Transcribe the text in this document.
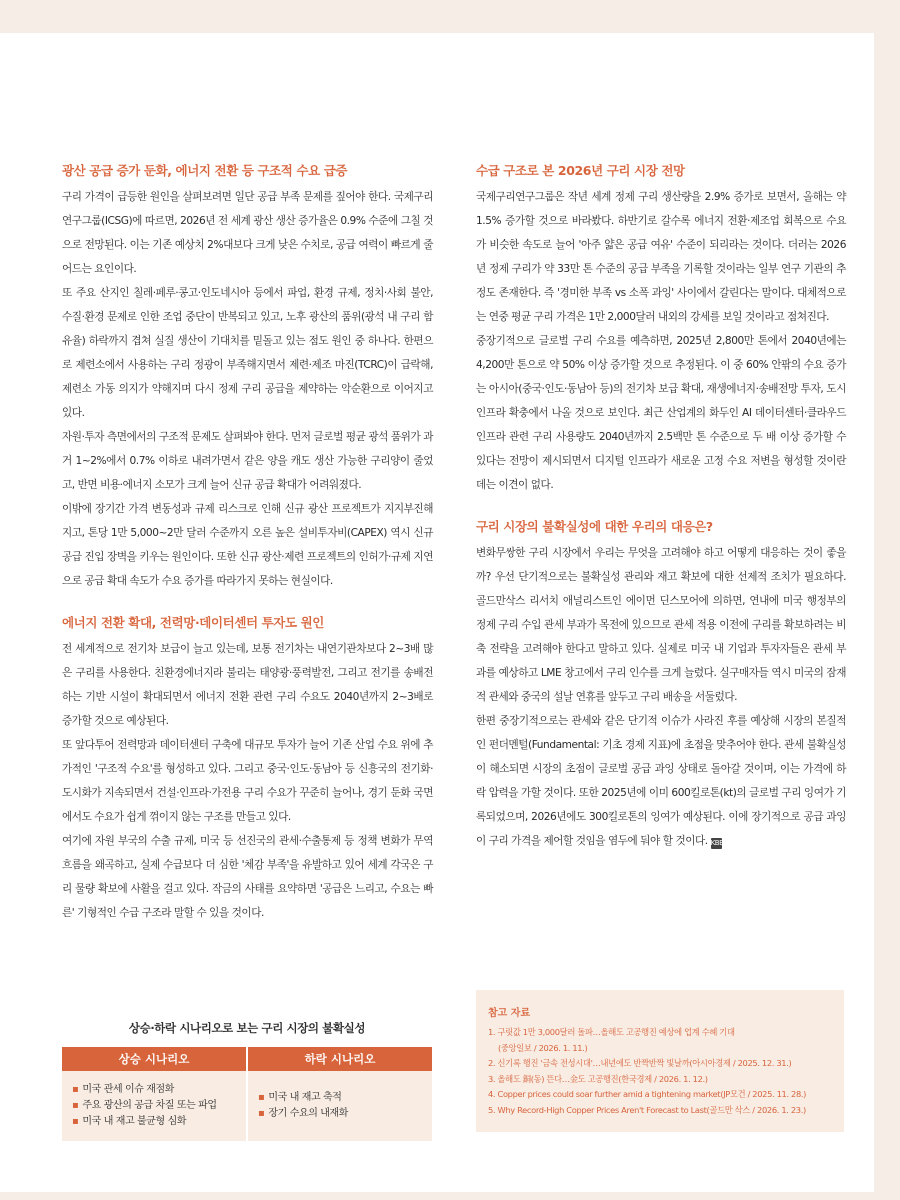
광산 공급 증가 둔화, 에너지 전환 등 구조적 수요 급증

구리 가격이 급등한 원인을 살펴보려면 일단 공급 부족 문제를 짚어야 한다. 국제구리연구그룹(ICSG)에 따르면, 2026년 전 세계 광산 생산 증가율은 0.9% 수준에 그칠 것으로 전망된다. 이는 기존 예상치 2%대보다 크게 낮은 수치로, 공급 여력이 빠르게 줄어드는 요인이다.

또 주요 산지인 칠레·페루·콩고·인도네시아 등에서 파업, 환경 규제, 정치·사회 불안, 수질·환경 문제로 인한 조업 중단이 반복되고 있고, 노후 광산의 품위(광석 내 구리 함유율) 하락까지 겹쳐 실질 생산이 기대치를 밑돌고 있는 점도 원인 중 하나다. 한편으로 제련소에서 사용하는 구리 정광이 부족해지면서 제련·제조 마진(TCRC)이 급락해, 제련소 가동 의지가 약해지며 다시 정제 구리 공급을 제약하는 악순환으로 이어지고 있다.

자원·투자 측면에서의 구조적 문제도 살펴봐야 한다. 먼저 글로벌 평균 광석 품위가 과거 1~2%에서 0.7% 이하로 내려가면서 같은 양을 캐도 생산 가능한 구리양이 줄었고, 반면 비용·에너지 소모가 크게 늘어 신규 공급 확대가 어려워졌다.

이밖에 장기간 가격 변동성과 규제 리스크로 인해 신규 광산 프로젝트가 지지부진해지고, 톤당 1만 5,000~2만 달러 수준까지 오른 높은 설비투자비(CAPEX) 역시 신규 공급 진입 장벽을 키우는 원인이다. 또한 신규 광산·제련 프로젝트의 인허가·규제 지연으로 공급 확대 속도가 수요 증가를 따라가지 못하는 현실이다.

에너지 전환 확대, 전력망·데이터센터 투자도 원인

전 세계적으로 전기차 보급이 늘고 있는데, 보통 전기차는 내연기관차보다 2~3배 많은 구리를 사용한다. 친환경에너지라 불리는 태양광·풍력발전, 그리고 전기를 송배전하는 기반 시설이 확대되면서 에너지 전환 관련 구리 수요도 2040년까지 2~3배로 증가할 것으로 예상된다.

또 앞다투어 전력망과 데이터센터 구축에 대규모 투자가 늘어 기존 산업 수요 위에 추가적인 '구조적 수요'를 형성하고 있다. 그리고 중국·인도·동남아 등 신흥국의 전기화·도시화가 지속되면서 건설·인프라·가전용 구리 수요가 꾸준히 늘어나, 경기 둔화 국면에서도 수요가 쉽게 꺾이지 않는 구조를 만들고 있다.

여기에 자원 부국의 수출 규제, 미국 등 선진국의 관세·수출통제 등 정책 변화가 무역 흐름을 왜곡하고, 실제 수급보다 더 심한 '체감 부족'을 유발하고 있어 세계 각국은 구리 물량 확보에 사활을 걸고 있다. 작금의 사태를 요약하면 '공급은 느리고, 수요는 빠른' 기형적인 수급 구조라 말할 수 있을 것이다.

수급 구조로 본 2026년 구리 시장 전망

국제구리연구그룹은 작년 세계 정제 구리 생산량을 2.9% 증가로 보면서, 올해는 약 1.5% 증가할 것으로 바라봤다. 하반기로 갈수록 에너지 전환·제조업 회복으로 수요가 비슷한 속도로 늘어 '아주 얇은 공급 여유' 수준이 되리라는 것이다. 더러는 2026년 정제 구리가 약 33만 톤 수준의 공급 부족을 기록할 것이라는 일부 연구 기관의 추정도 존재한다. 즉 '경미한 부족 vs 소폭 과잉' 사이에서 갈린다는 말이다. 대체적으로는 연중 평균 구리 가격은 1만 2,000달러 내외의 강세를 보일 것이라고 점쳐진다.

중장기적으로 글로벌 구리 수요를 예측하면, 2025년 2,800만 톤에서 2040년에는 4,200만 톤으로 약 50% 이상 증가할 것으로 추정된다. 이 중 60% 안팎의 수요 증가는 아시아(중국·인도·동남아 등)의 전기차 보급 확대, 재생에너지·송배전망 투자, 도시 인프라 확충에서 나올 것으로 보인다. 최근 산업계의 화두인 AI 데이터센터·클라우드 인프라 관련 구리 사용량도 2040년까지 2.5백만 톤 수준으로 두 배 이상 증가할 수 있다는 전망이 제시되면서 디지털 인프라가 새로운 고정 수요 저변을 형성할 것이란 데는 이견이 없다.

구리 시장의 불확실성에 대한 우리의 대응은?

변화무쌍한 구리 시장에서 우리는 무엇을 고려해야 하고 어떻게 대응하는 것이 좋을까? 우선 단기적으로는 불확실성 관리와 재고 확보에 대한 선제적 조치가 필요하다. 골드만삭스 리서치 애널리스트인 에이먼 딘스모어에 의하면, 연내에 미국 행정부의 정제 구리 수입 관세 부과가 목전에 있으므로 관세 적용 이전에 구리를 확보하려는 비축 전략을 고려해야 한다고 말하고 있다. 실제로 미국 내 기업과 투자자들은 관세 부과를 예상하고 LME 창고에서 구리 인수를 크게 늘렸다. 실구매자들 역시 미국의 잠재적 관세와 중국의 설날 연휴를 앞두고 구리 배송을 서둘렀다.

한편 중장기적으로는 관세와 같은 단기적 이슈가 사라진 후를 예상해 시장의 본질적인 펀더멘털(Fundamental: 기초 경제 지표)에 초점을 맞추어야 한다. 관세 불확실성이 해소되면 시장의 초점이 글로벌 공급 과잉 상태로 돌아갈 것이며, 이는 가격에 하락 압력을 가할 것이다. 또한 2025년에 이미 600킬로톤(kt)의 글로벌 구리 잉여가 기록되었으며, 2026년에도 300킬로톤의 잉여가 예상된다. 이에 장기적으로 공급 과잉이 구리 가격을 제어할 것임을 염두에 둬야 할 것이다. KBB

상승·하락 시나리오로 보는 구리 시장의 불확실성
상승 시나리오
▪ 미국 관세 이슈 재점화
▪ 주요 광산의 공급 차질 또는 파업
▪ 미국 내 재고 불균형 심화
하락 시나리오
▪ 미국 내 재고 축적
▪ 장기 수요의 내재화
참고 자료
1. 구릿값 1만 3,000달러 돌파…올해도 고공행진 예상에 업계 수혜 기대
(중앙일보 / 2026. 1. 11.)
2. 신기록 행진 '금속 전성시대'…내년에도 반짝반짝 빛날까(아시아경제 / 2025. 12. 31.)
3. 올해도 銅(동) 뜬다…金도 고공행진(한국경제 / 2026. 1. 12.)
4. Copper prices could soar further amid a tightening market(JP모건 / 2025. 11. 28.)
5. Why Record-High Copper Prices Aren't Forecast to Last(골드만 삭스 / 2026. 1. 23.)
